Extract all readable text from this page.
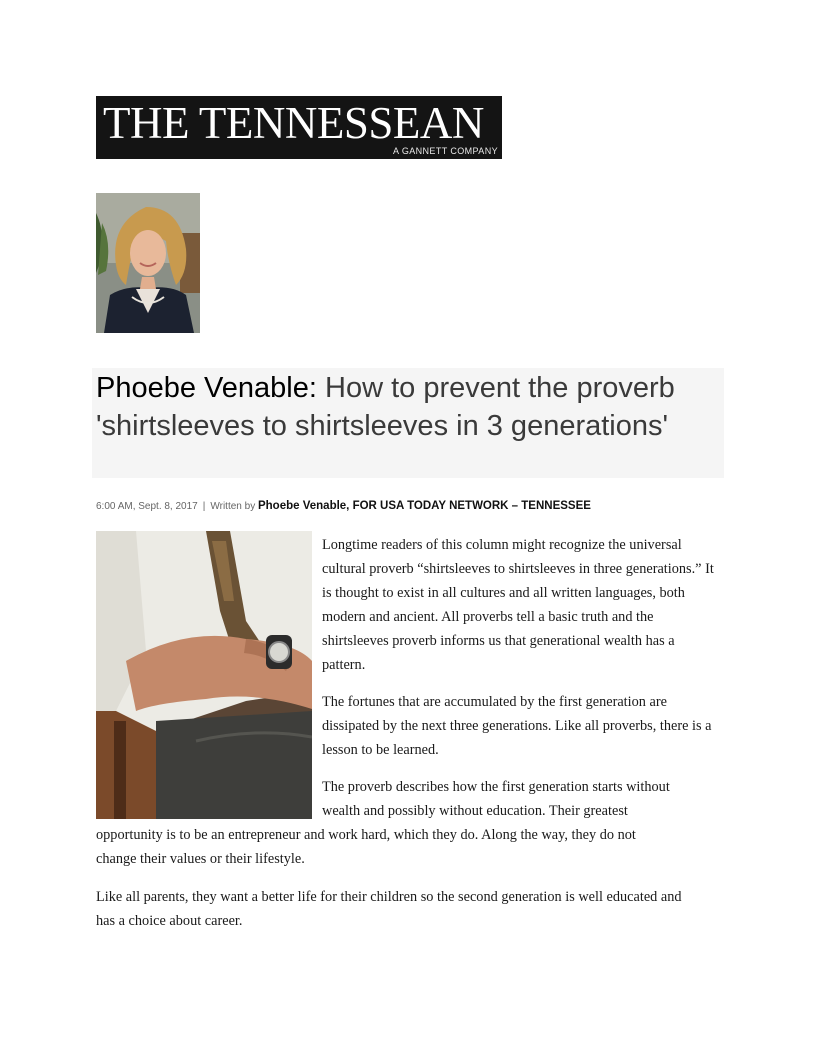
THE TENNESSEAN
A GANNETT COMPANY
Phoebe Venable: How to prevent the proverb 'shirtsleeves to shirtsleeves in 3 generations'
6:00 AM, Sept. 8, 2017 | Written by Phoebe Venable, FOR USA TODAY NETWORK – TENNESSEE

Longtime readers of this column might recognize the universal cultural proverb “shirtsleeves to shirtsleeves in three generations.” It is thought to exist in all cultures and all written languages, both modern and ancient. All proverbs tell a basic truth and the shirtsleeves proverb informs us that generational wealth has a pattern.

The fortunes that are accumulated by the first generation are dissipated by the next three generations. Like all proverbs, there is a lesson to be learned.

The proverb describes how the first generation starts without

wealth and possibly without education. Their greatest

opportunity is to be an entrepreneur and work hard, which they do. Along the way, they do not

change their values or their lifestyle.

Like all parents, they want a better life for their children so the second generation is well educated and has a choice about career.
